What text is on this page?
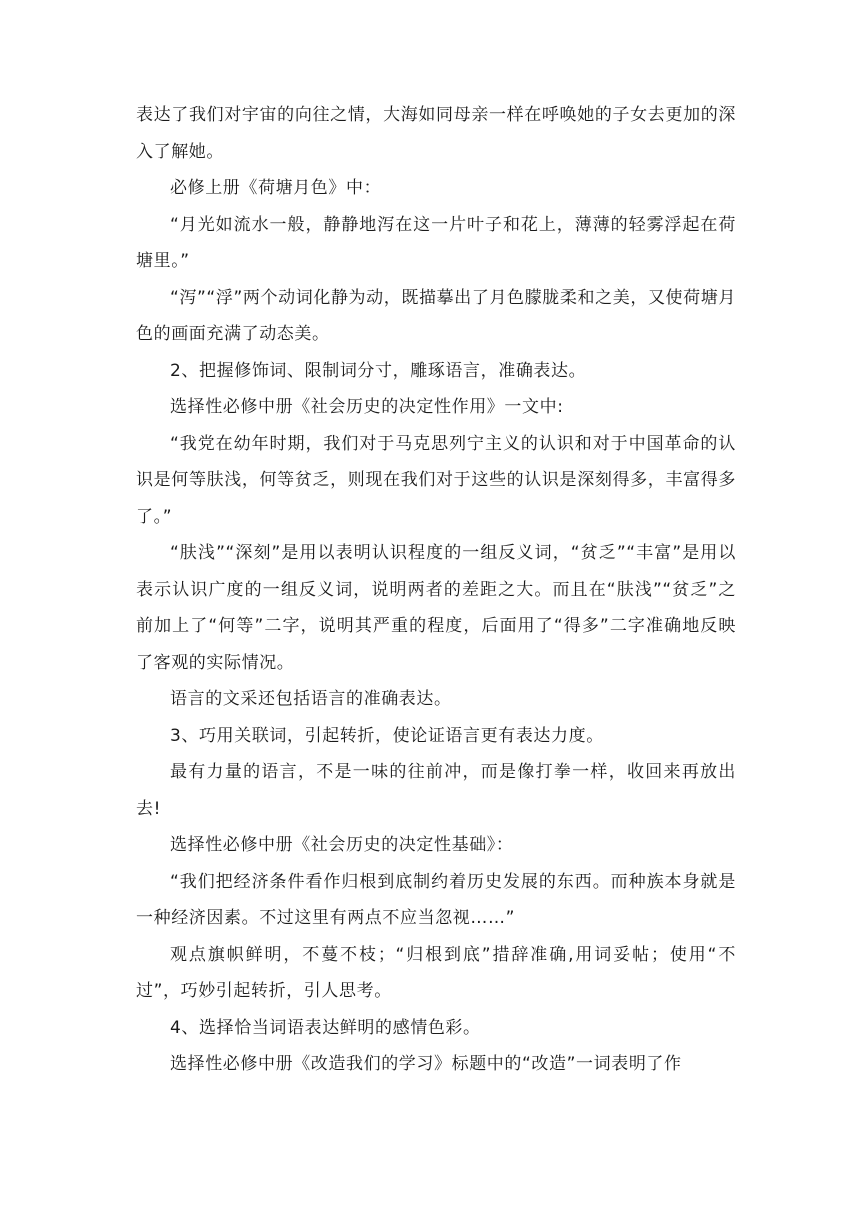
表达了我们对宇宙的向往之情，大海如同母亲一样在呼唤她的子女去更加的深入了解她。

必修上册《荷塘月色》中：

“月光如流水一般，静静地泻在这一片叶子和花上，薄薄的轻雾浮起在荷塘里。”

“泻”“浮”两个动词化静为动，既描摹出了月色朦胧柔和之美，又使荷塘月色的画面充满了动态美。

2、把握修饰词、限制词分寸，雕琢语言，准确表达。

选择性必修中册《社会历史的决定性作用》一文中:

“我党在幼年时期，我们对于马克思列宁主义的认识和对于中国革命的认识是何等肤浅，何等贫乏，则现在我们对于这些的认识是深刻得多，丰富得多了。”

“肤浅”“深刻”是用以表明认识程度的一组反义词，“贫乏”“丰富”是用以表示认识广度的一组反义词，说明两者的差距之大。而且在“肤浅”“贫乏”之前加上了“何等”二字，说明其严重的程度，后面用了“得多”二字准确地反映了客观的实际情况。

语言的文采还包括语言的准确表达。

3、巧用关联词，引起转折，使论证语言更有表达力度。

最有力量的语言，不是一味的往前冲，而是像打拳一样，收回来再放出去!

选择性必修中册《社会历史的决定性基础》：

“我们把经济条件看作归根到底制约着历史发展的东西。而种族本身就是一种经济因素。不过这里有两点不应当忽视……”

观点旗帜鲜明，不蔓不枝；“归根到底”措辞准确,用词妥帖；使用“不过”，巧妙引起转折，引人思考。

4、选择恰当词语表达鲜明的感情色彩。

选择性必修中册《改造我们的学习》标题中的“改造”一词表明了作
